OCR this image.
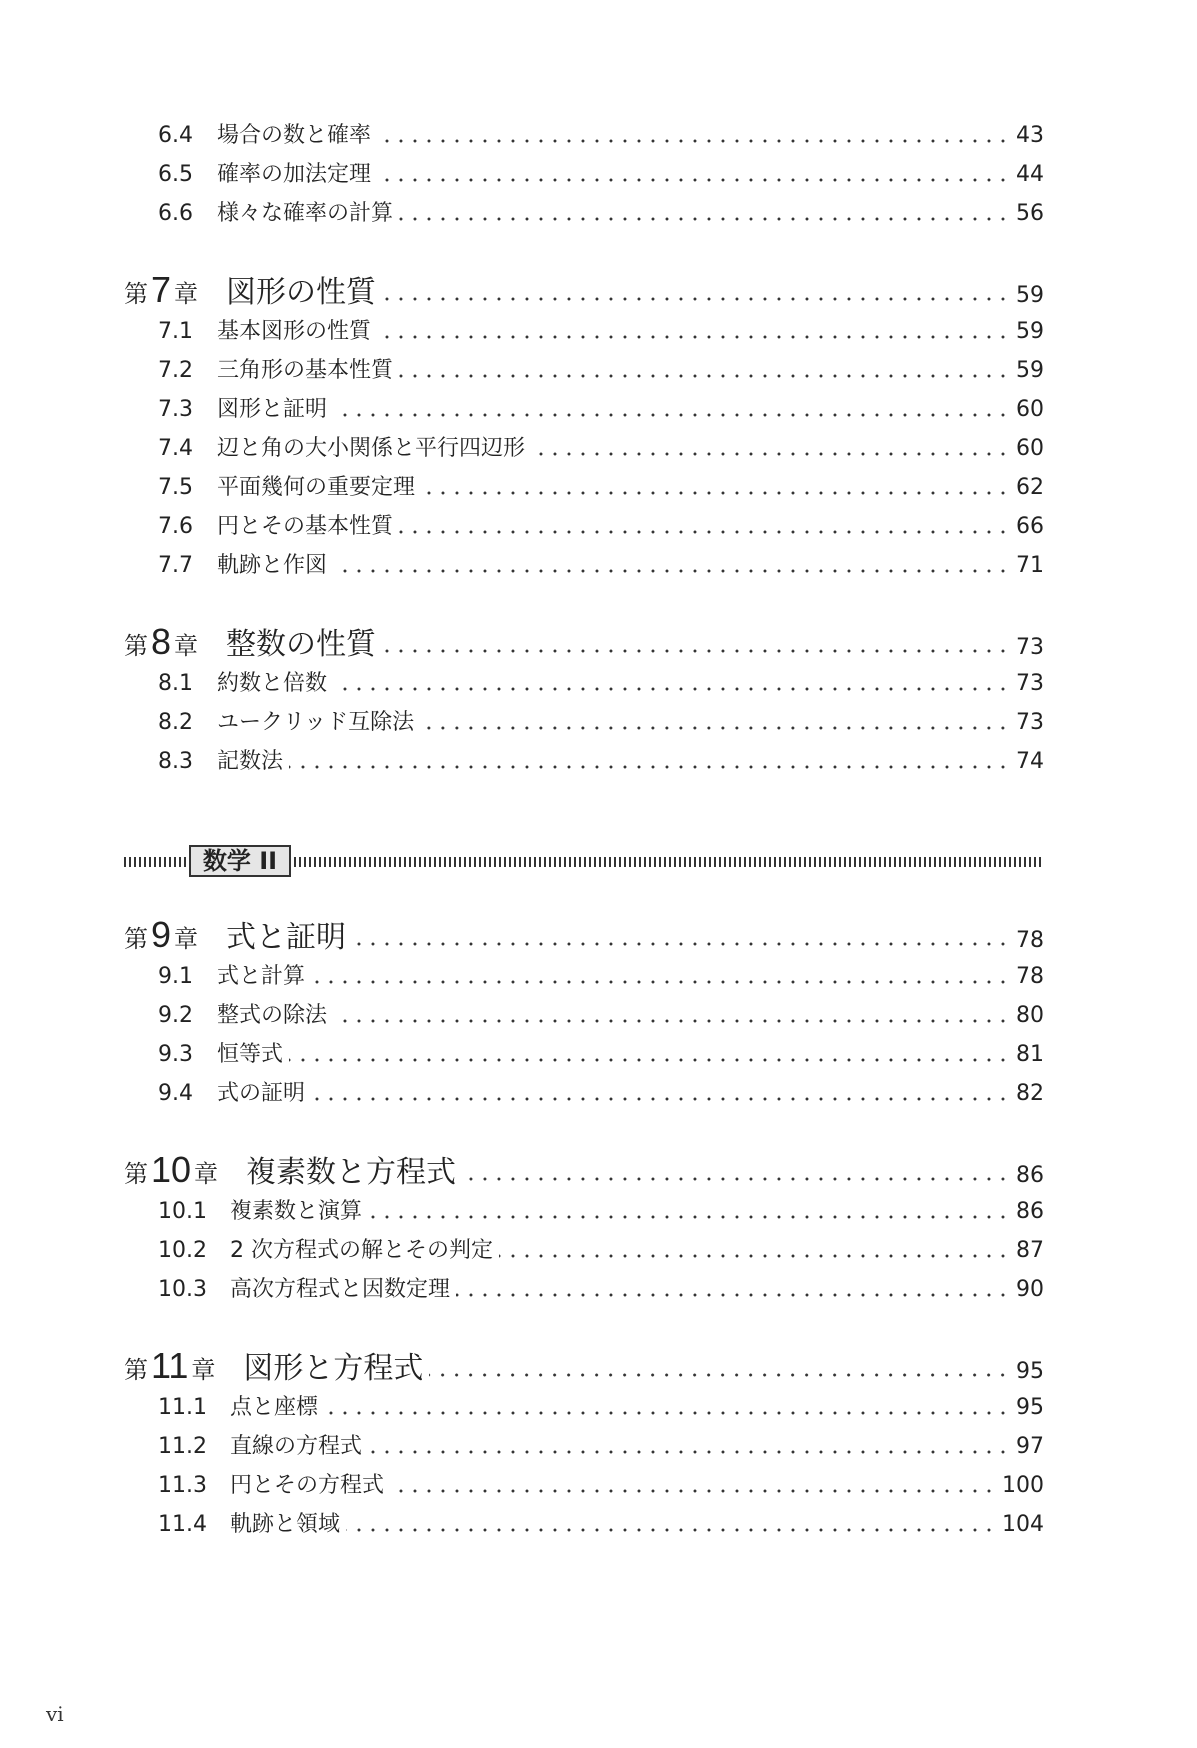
6.4	場合の数と確率	43
6.5	確率の加法定理	44
6.6	様々な確率の計算	56
第 7 章 図形の性質	59
7.1	基本図形の性質	59
7.2	三角形の基本性質	59
7.3	図形と証明	60
7.4	辺と角の大小関係と平行四辺形	60
7.5	平面幾何の重要定理	62
7.6	円とその基本性質	66
7.7	軌跡と作図	71
第 8 章 整数の性質	73
8.1	約数と倍数	73
8.2	ユークリッド互除法	73
8.3	記数法	74
数学 II
第 9 章 式と証明	78
9.1	式と計算	78
9.2	整式の除法	80
9.3	恒等式	81
9.4	式の証明	82
第 10 章 複素数と方程式	86
10.1	複素数と演算	86
10.2	2 次方程式の解とその判定	87
10.3	高次方程式と因数定理	90
第 11 章 図形と方程式	95
11.1	点と座標	95
11.2	直線の方程式	97
11.3	円とその方程式	100
11.4	軌跡と領域	104
vi
